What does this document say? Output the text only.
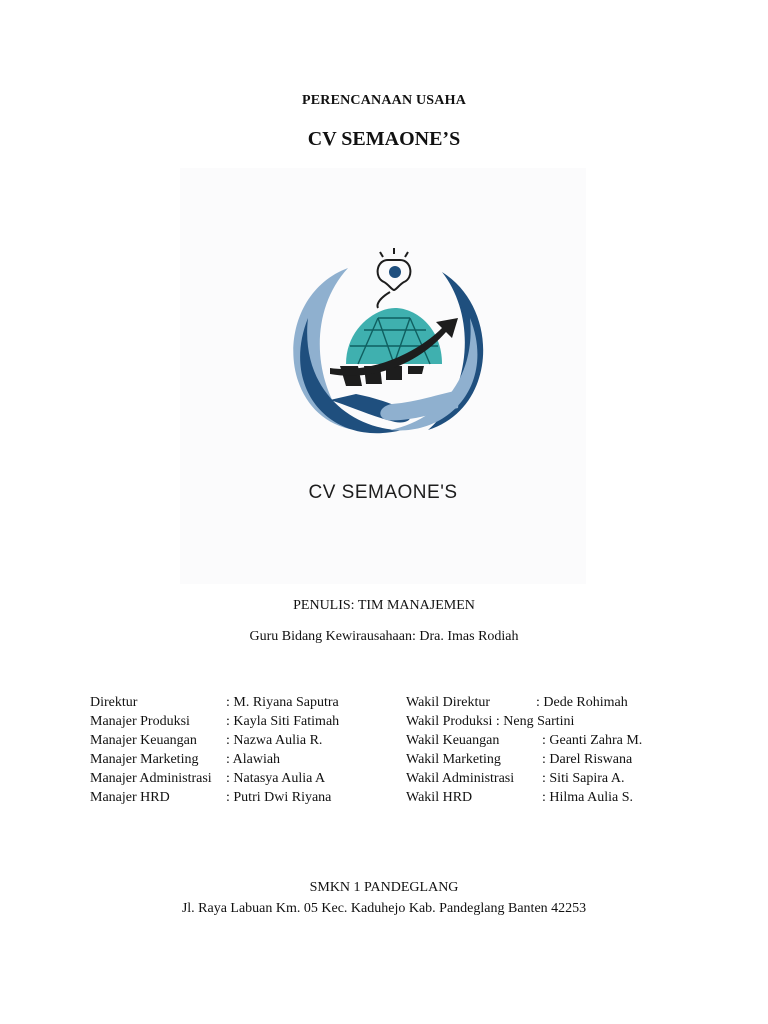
PERENCANAAN USAHA
CV SEMAONE’S
CV SEMAONE'S
PENULIS: TIM MANAJEMEN
Guru Bidang Kewirausahaan: Dra. Imas Rodiah
Direktur	: M. Riyana Saputra	Wakil Direktur	: Dede Rohimah
Manajer Produksi	: Kayla Siti Fatimah	Wakil Produksi : Neng Sartini
Manajer Keuangan : Nazwa Aulia R.	Wakil Keuangan	: Geanti Zahra M.
Manajer Marketing : Alawiah	Wakil Marketing	: Darel Riswana
Manajer Administrasi : Natasya Aulia A	Wakil Administrasi : Siti Sapira A.
Manajer HRD	: Putri Dwi Riyana	Wakil HRD	: Hilma Aulia S.
SMKN 1 PANDEGLANG
Jl. Raya Labuan Km. 05 Kec. Kaduhejo Kab. Pandeglang Banten 42253
